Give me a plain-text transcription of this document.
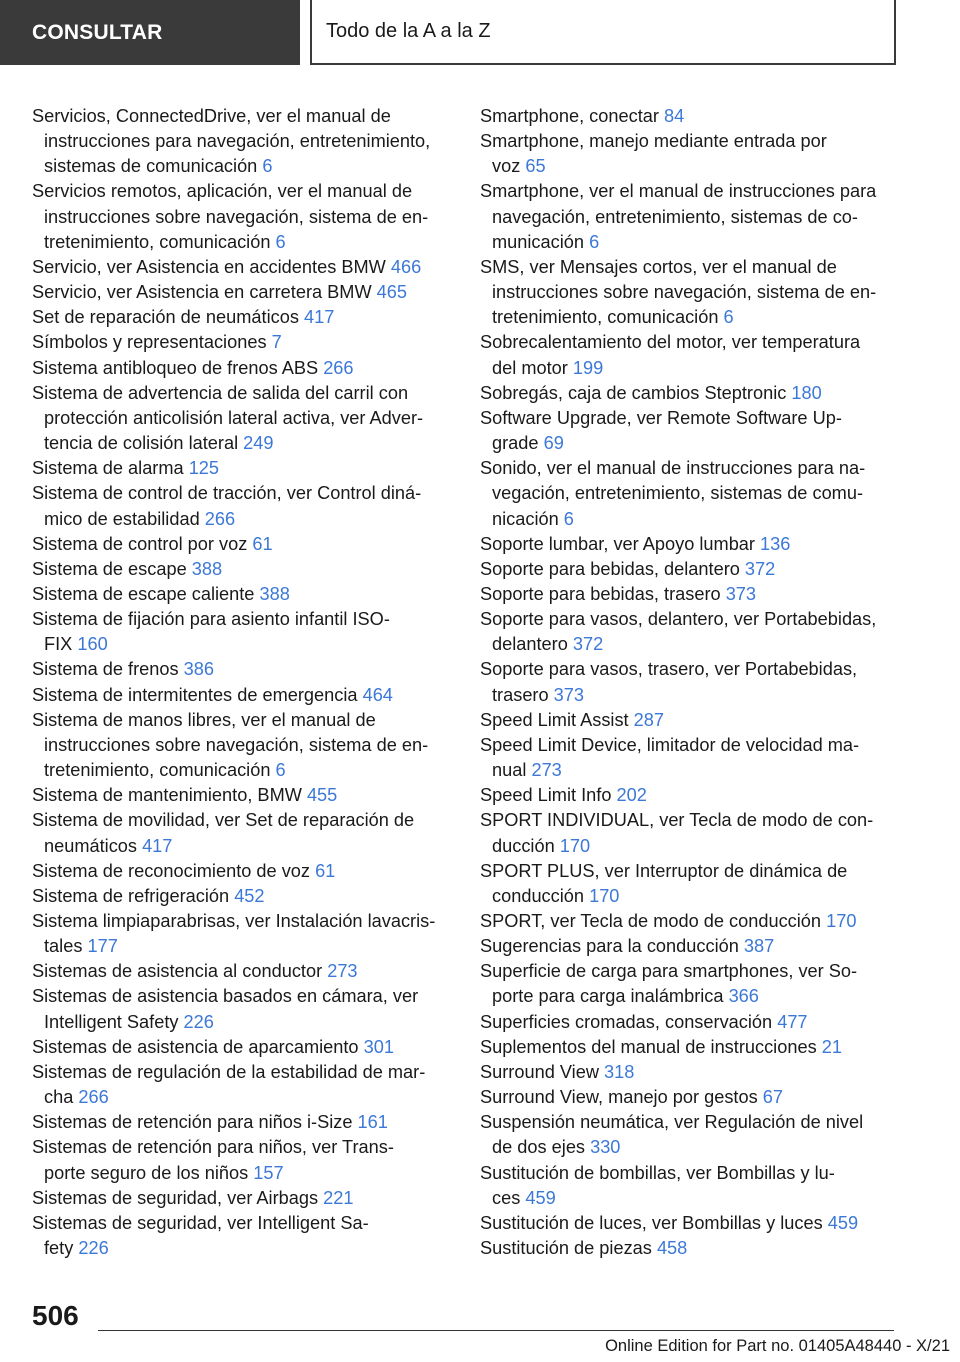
CONSULTAR	Todo de la A a la Z
Servicios, ConnectedDrive, ver el manual de
instrucciones para navegación, entretenimiento,
sistemas de comunicación 6
Servicios remotos, aplicación, ver el manual de
instrucciones sobre navegación, sistema de en‐
tretenimiento, comunicación 6
Servicio, ver Asistencia en accidentes BMW 466
Servicio, ver Asistencia en carretera BMW 465
Set de reparación de neumáticos 417
Símbolos y representaciones 7
Sistema antibloqueo de frenos ABS 266
Sistema de advertencia de salida del carril con
protección anticolisión lateral activa, ver Adver‐
tencia de colisión lateral 249
Sistema de alarma 125
Sistema de control de tracción, ver Control diná‐
mico de estabilidad 266
Sistema de control por voz 61
Sistema de escape 388
Sistema de escape caliente 388
Sistema de fijación para asiento infantil ISO‐
FIX 160
Sistema de frenos 386
Sistema de intermitentes de emergencia 464
Sistema de manos libres, ver el manual de
instrucciones sobre navegación, sistema de en‐
tretenimiento, comunicación 6
Sistema de mantenimiento, BMW 455
Sistema de movilidad, ver Set de reparación de
neumáticos 417
Sistema de reconocimiento de voz 61
Sistema de refrigeración 452
Sistema limpiaparabrisas, ver Instalación lavacris‐
tales 177
Sistemas de asistencia al conductor 273
Sistemas de asistencia basados en cámara, ver
Intelligent Safety 226
Sistemas de asistencia de aparcamiento 301
Sistemas de regulación de la estabilidad de mar‐
cha 266
Sistemas de retención para niños i-Size 161
Sistemas de retención para niños, ver Trans‐
porte seguro de los niños 157
Sistemas de seguridad, ver Airbags 221
Sistemas de seguridad, ver Intelligent Sa‐
fety 226
Smartphone, conectar 84
Smartphone, manejo mediante entrada por
voz 65
Smartphone, ver el manual de instrucciones para
navegación, entretenimiento, sistemas de co‐
municación 6
SMS, ver Mensajes cortos, ver el manual de
instrucciones sobre navegación, sistema de en‐
tretenimiento, comunicación 6
Sobrecalentamiento del motor, ver temperatura
del motor 199
Sobregás, caja de cambios Steptronic 180
Software Upgrade, ver Remote Software Up‐
grade 69
Sonido, ver el manual de instrucciones para na‐
vegación, entretenimiento, sistemas de comu‐
nicación 6
Soporte lumbar, ver Apoyo lumbar 136
Soporte para bebidas, delantero 372
Soporte para bebidas, trasero 373
Soporte para vasos, delantero, ver Portabebidas,
delantero 372
Soporte para vasos, trasero, ver Portabebidas,
trasero 373
Speed Limit Assist 287
Speed Limit Device, limitador de velocidad ma‐
nual 273
Speed Limit Info 202
SPORT INDIVIDUAL, ver Tecla de modo de con‐
ducción 170
SPORT PLUS, ver Interruptor de dinámica de
conducción 170
SPORT, ver Tecla de modo de conducción 170
Sugerencias para la conducción 387
Superficie de carga para smartphones, ver So‐
porte para carga inalámbrica 366
Superficies cromadas, conservación 477
Suplementos del manual de instrucciones 21
Surround View 318
Surround View, manejo por gestos 67
Suspensión neumática, ver Regulación de nivel
de dos ejes 330
Sustitución de bombillas, ver Bombillas y lu‐
ces 459
Sustitución de luces, ver Bombillas y luces 459
Sustitución de piezas 458
506
Online Edition for Part no. 01405A48440 - X/21
